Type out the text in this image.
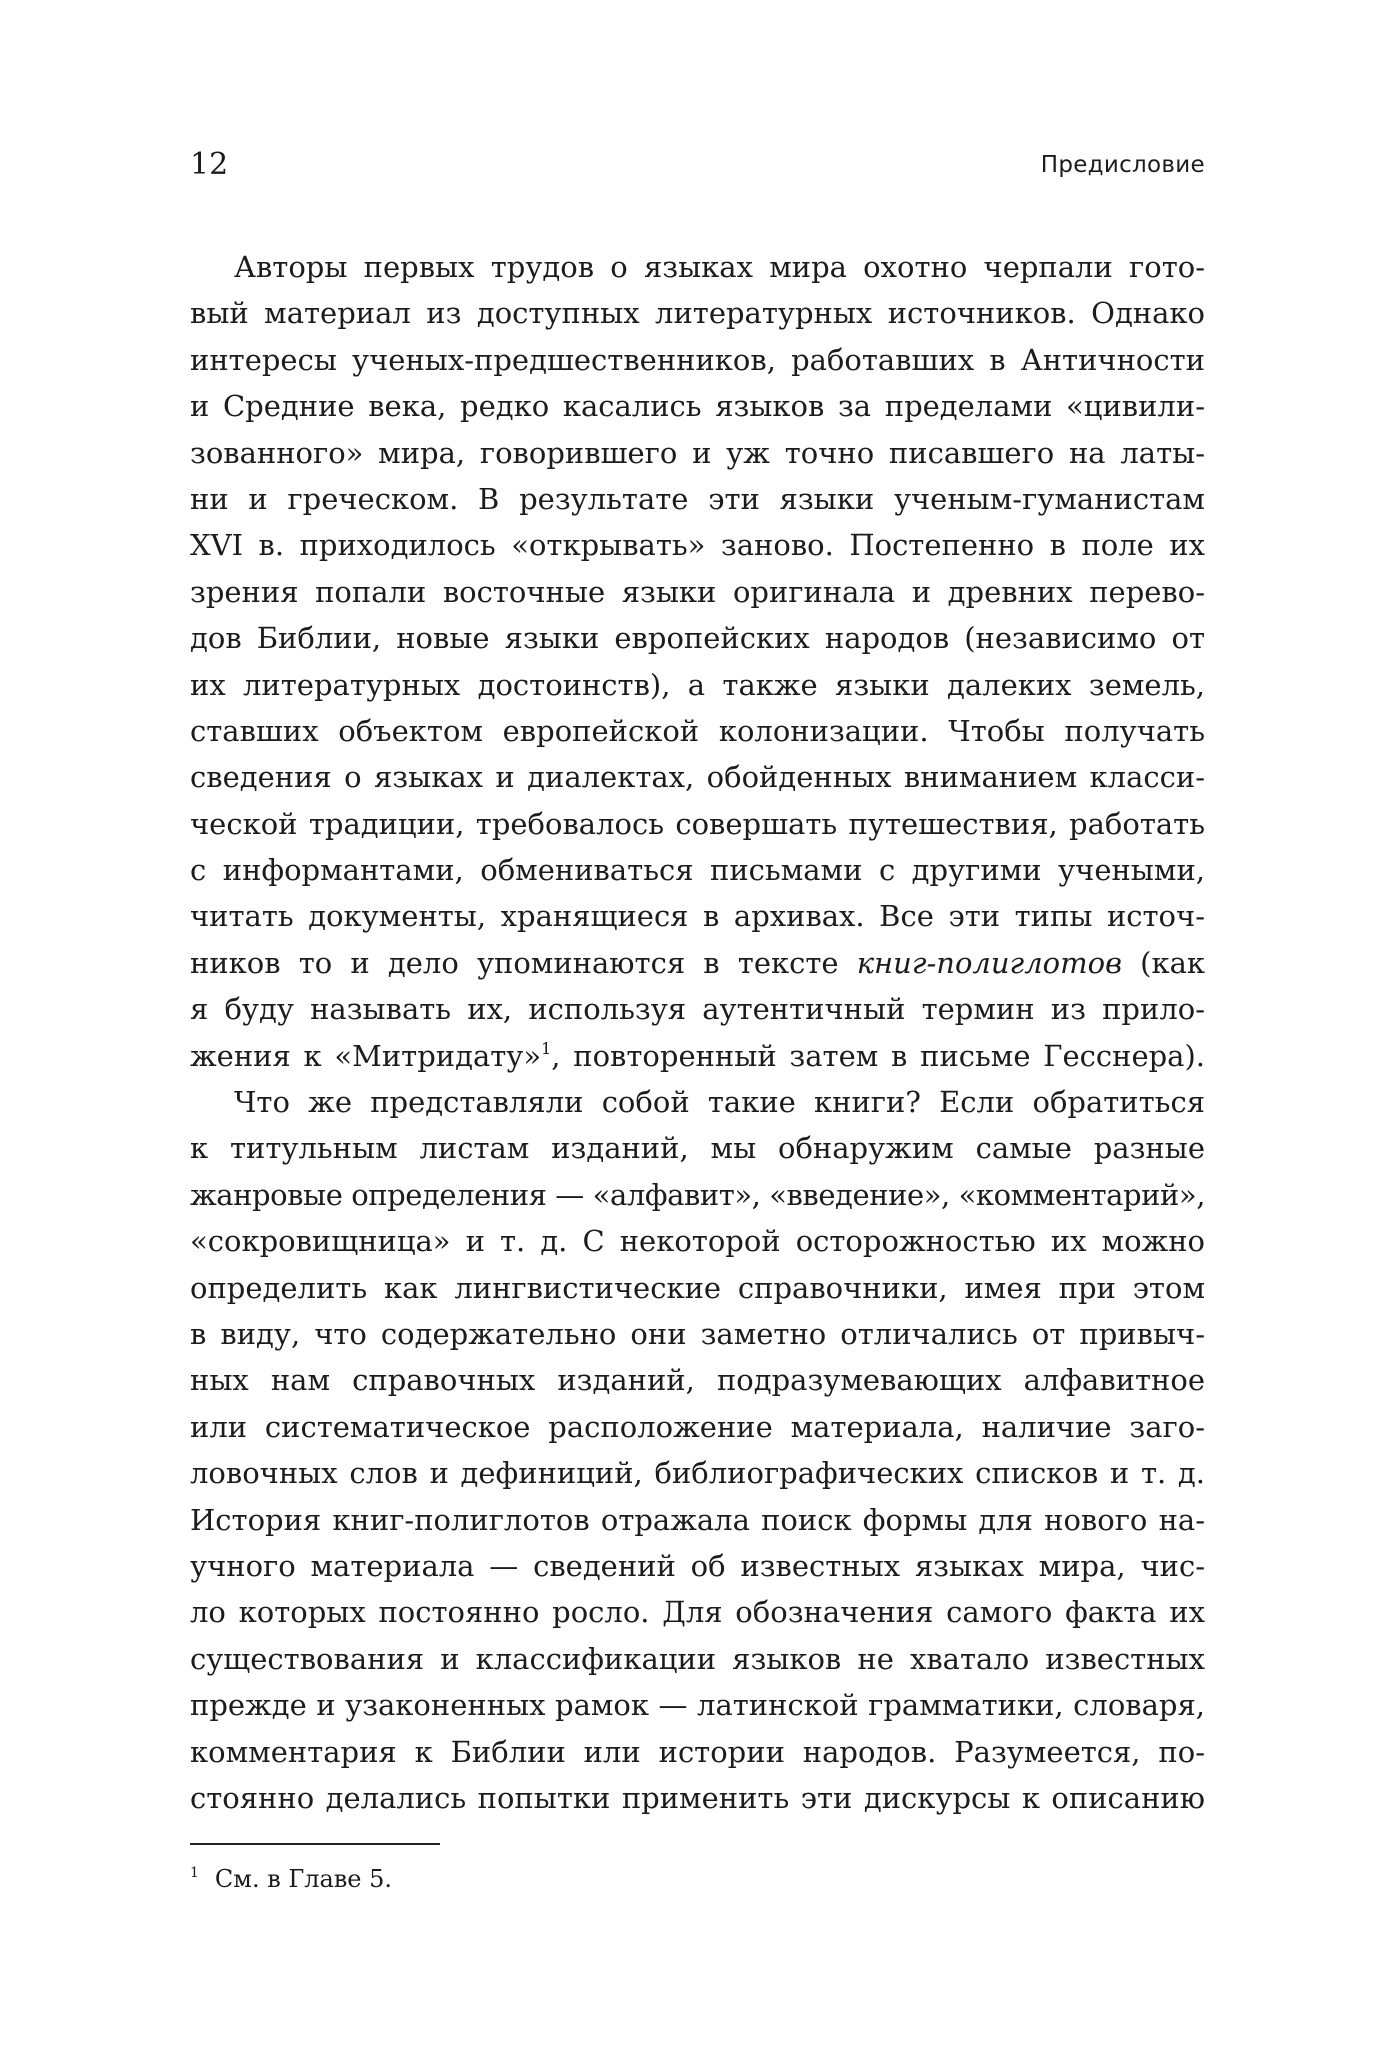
12	Предисловие
Авторы первых трудов о языках мира охотно черпали гото-
вый материал из доступных литературных источников. Однако
интересы ученых-предшественников, работавших в Античности
и Средние века, редко касались языков за пределами «цивили-
зованного» мира, говорившего и уж точно писавшего на латы-
ни и греческом. В результате эти языки ученым-гуманистам
XVI в. приходилось «открывать» заново. Постепенно в поле их
зрения попали восточные языки оригинала и древних перево-
дов Библии, новые языки европейских народов (независимо от
их литературных достоинств), а также языки далеких земель,
ставших объектом европейской колонизации. Чтобы получать
сведения о языках и диалектах, обойденных вниманием класси-
ческой традиции, требовалось совершать путешествия, работать
с информантами, обмениваться письмами с другими учеными,
читать документы, хранящиеся в архивах. Все эти типы источ-
ников то и дело упоминаются в тексте книг-полиглотов (как
я буду называть их, используя аутентичный термин из прило-
жения к «Митридату»$^1$, повторенный затем в письме Гесснера).
Что же представляли собой такие книги? Если обратиться
к титульным листам изданий, мы обнаружим самые разные
жанровые определения — «алфавит», «введение», «комментарий»,
«сокровищница» и т. д. С некоторой осторожностью их можно
определить как лингвистические справочники, имея при этом
в виду, что содержательно они заметно отличались от привыч-
ных нам справочных изданий, подразумевающих алфавитное
или систематическое расположение материала, наличие заго-
ловочных слов и дефиниций, библиографических списков и т. д.
История книг-полиглотов отражала поиск формы для нового на-
учного материала — сведений об известных языках мира, чис-
ло которых постоянно росло. Для обозначения самого факта их
существования и классификации языков не хватало известных
прежде и узаконенных рамок — латинской грамматики, словаря,
комментария к Библии или истории народов. Разумеется, по-
стоянно делались попытки применить эти дискурсы к описанию
$^1$ См. в Главе 5.
